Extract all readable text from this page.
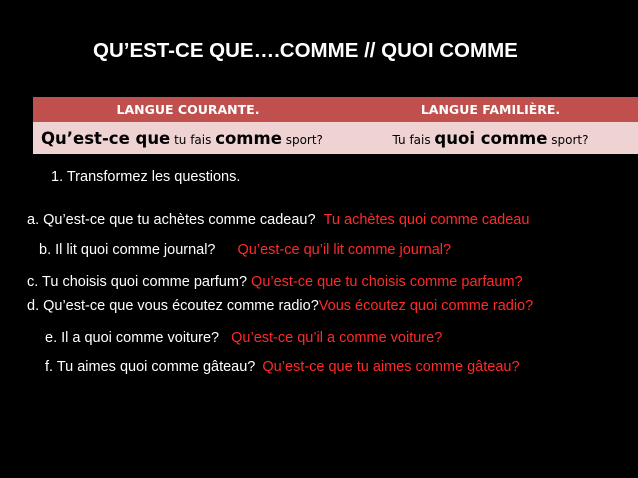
QU’EST-CE QUE….COMME // QUOI COMME
LANGUE COURANTE.	LANGUE FAMILIÈRE.
Qu’est-ce que tu fais comme sport?	Tu fais quoi comme sport?
1. Transformez les questions.
a. Qu’est-ce que tu achètes comme cadeau? Tu achètes quoi comme cadeau
b. Il lit quoi comme journal? Qu’est-ce qu’il lit comme journal?
c. Tu choisis quoi comme parfum? Qu’est-ce que tu choisis comme parfaum?
d. Qu’est-ce que vous écoutez comme radio?Vous écoutez quoi comme radio?
e. Il a quoi comme voiture? Qu’est-ce qu’il a comme voiture?
f. Tu aimes quoi comme gâteau? Qu’est-ce que tu aimes comme gâteau?
